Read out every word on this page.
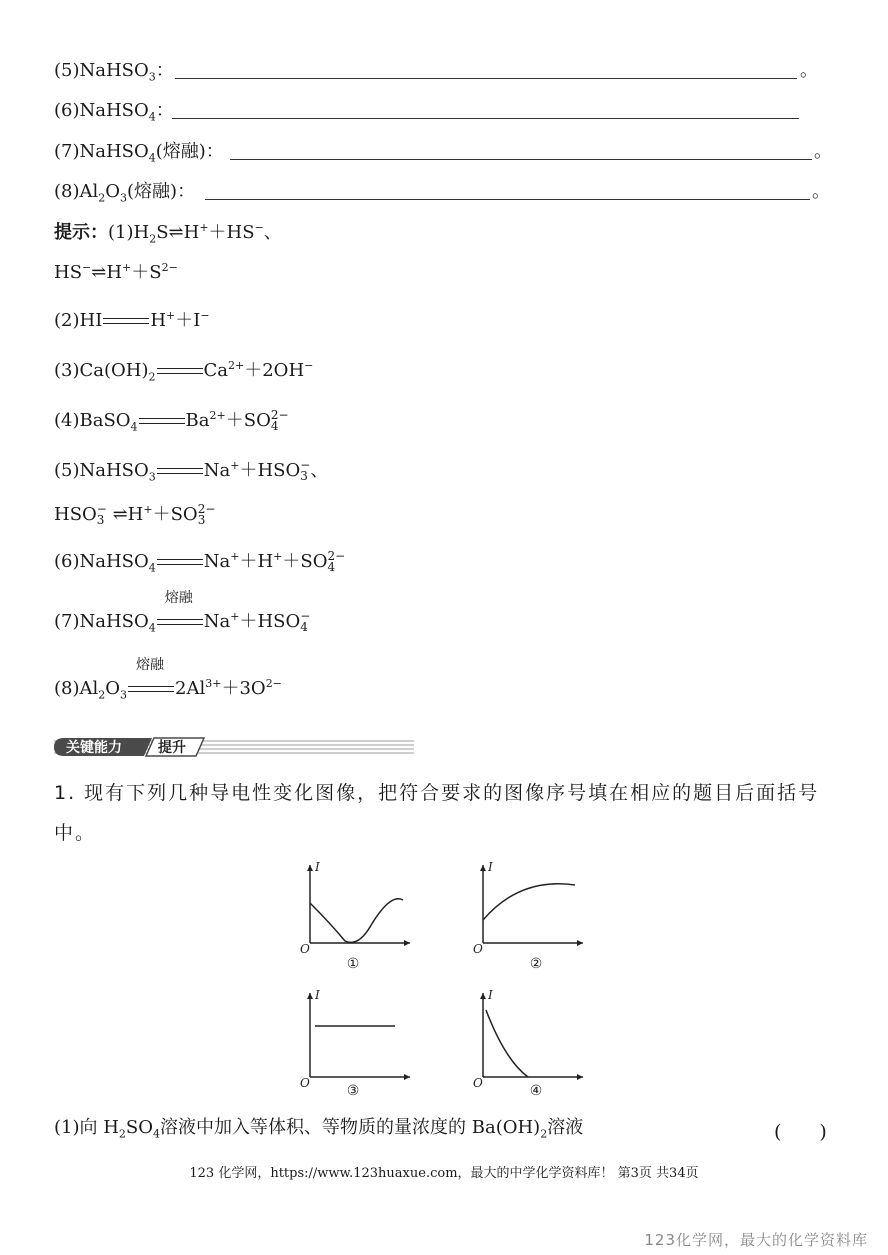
(5)NaHSO$_3$：	。
(6)NaHSO$_4$：
(7)NaHSO$_4$(熔融)：	。
$(8)Al_2O_3$(熔融)：	。
提示：$(1)H_2S\rightleftharpoons H^++HS^-$、
$HS^-\rightleftharpoons H^++S^{2-}$
(2)HI	H+＋I−
$(3)Ca(OH)_2$	$Ca^{2+}+2OH^-$
(4)BaSO$_4$	$Ba^{2+}+SO$ 2−
4
(5)NaHSO$_3$	Na+＋HSO −
3 、
HSO −
3 ⇌H+＋SO 2−
3
(6)NaHSO$_4$	Na+＋H+＋SO 2−
4
(7)NaHSO$_4$
熔融
Na+＋HSO −
4
$(8)Al_2O_3$
熔融
$2Al^{3+}+3O^{2-}$
关键能力	提升
1. 现有下列几种导电性变化图像，把符合要求的图像序号填在相应的题目后面括号
中。
I
O
I
O
I
O
I
O
①	②
③	④
(1)向 $H_2SO_4$溶液中加入等体积、等物质的量浓度的 $Ba(OH)_2$溶液	(　　)
123 化学网，https://www.123huaxue.com，最大的中学化学资料库！ 第3页 共34页
123化学网，最大的化学资料库
